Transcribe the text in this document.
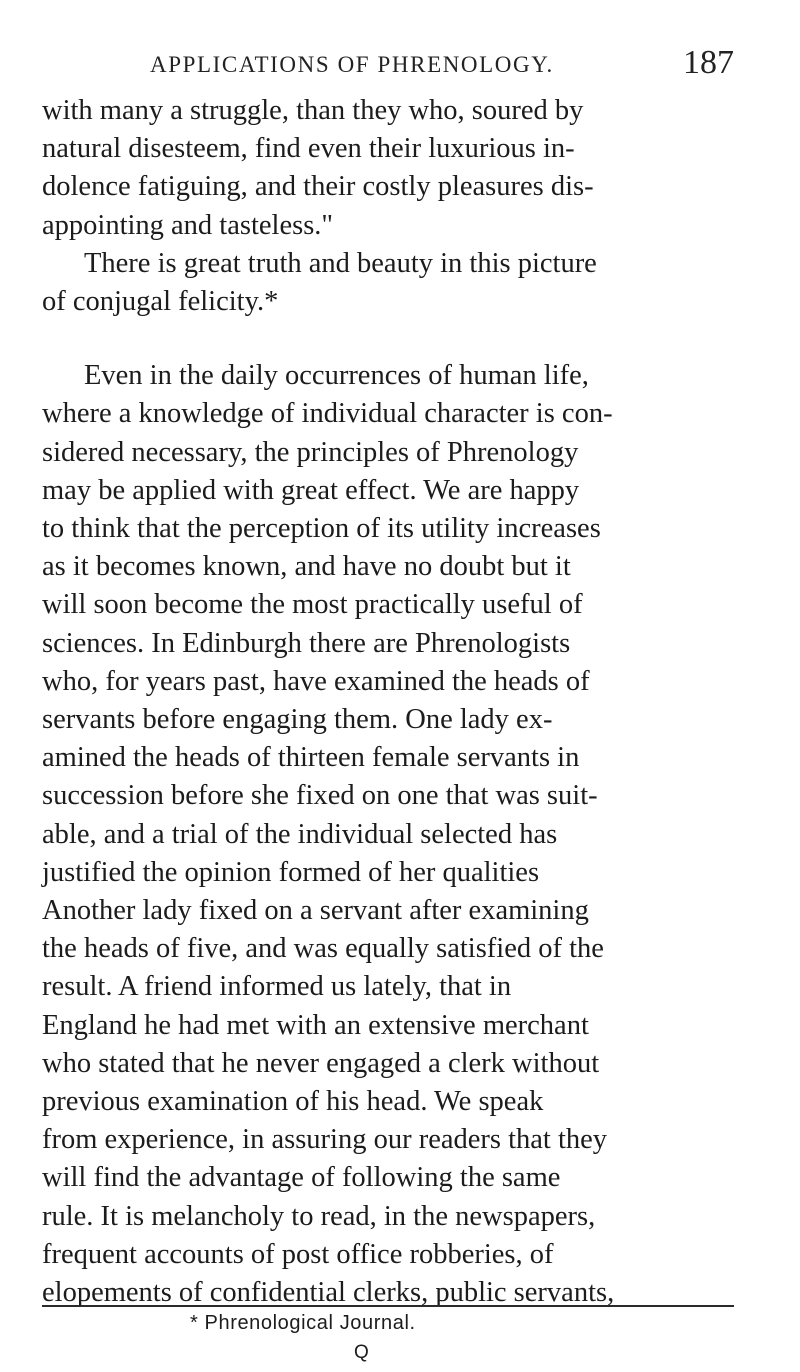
APPLICATIONS OF PHRENOLOGY.	187

with many a struggle, than they who, soured by

natural disesteem, find even their luxurious in-

dolence fatiguing, and their costly pleasures dis-

appointing and tasteless."

There is great truth and beauty in this picture

of conjugal felicity.*

Even in the daily occurrences of human life,

where a knowledge of individual character is con-

sidered necessary, the principles of Phrenology

may be applied with great effect. We are happy

to think that the perception of its utility increases

as it becomes known, and have no doubt but it

will soon become the most practically useful of

sciences. In Edinburgh there are Phrenologists

who, for years past, have examined the heads of

servants before engaging them. One lady ex-

amined the heads of thirteen female servants in

succession before she fixed on one that was suit-

able, and a trial of the individual selected has

justified the opinion formed of her qualities

Another lady fixed on a servant after examining

the heads of five, and was equally satisfied of the

result. A friend informed us lately, that in

England he had met with an extensive merchant

who stated that he never engaged a clerk without

previous examination of his head. We speak

from experience, in assuring our readers that they

will find the advantage of following the same

rule. It is melancholy to read, in the newspapers,

frequent accounts of post office robberies, of

elopements of confidential clerks, public servants,

* Phrenological Journal.
Q
